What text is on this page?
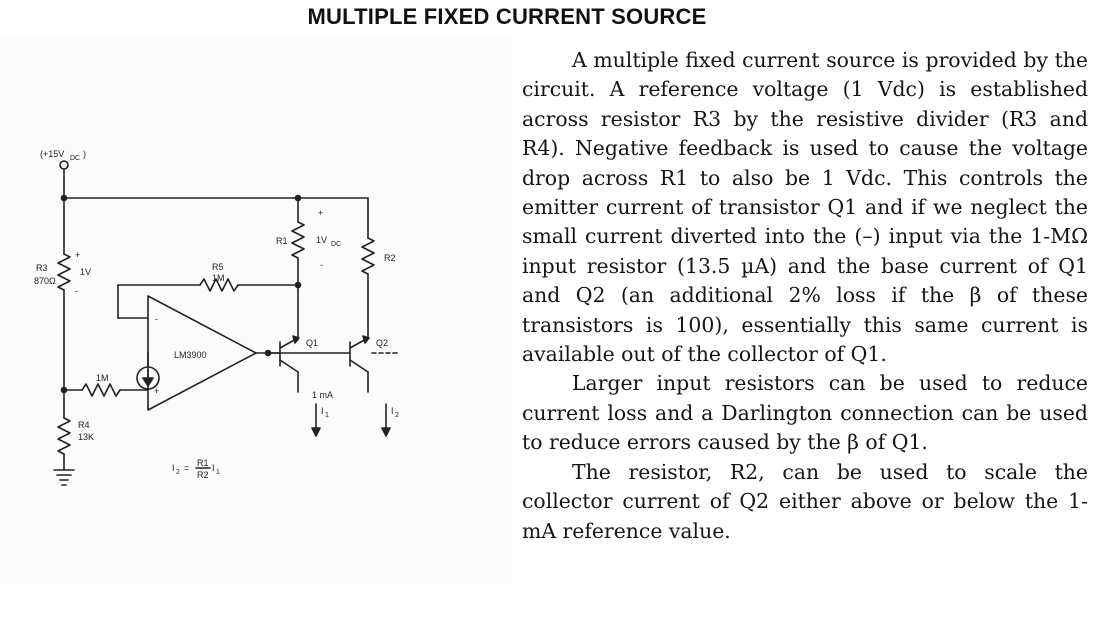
MULTIPLE FIXED CURRENT SOURCE
(+15V DC )
R3
870Ω
+
1V
-
R4
13K
R5
1M
R1
+
1V DC
-
R2
1M
LM3900
-
+
Q1	Q2
1 mA
I 1	I 2
I 2 = R1
R2
I 1

A multiple fixed current source is provided by the circuit. A reference voltage (1 Vdc) is established across resistor R3 by the resistive divider (R3 and R4). Negative feedback is used to cause the voltage drop across R1 to also be 1 Vdc. This controls the emitter current of transistor Q1 and if we neglect the small current diverted into the (–) input via the 1-MΩ input resistor (13.5 µA) and the base current of Q1 and Q2 (an additional 2% loss if the β of these transistors is 100), essentially this same current is available out of the collector of Q1.

Larger input resistors can be used to reduce current loss and a Darlington connection can be used to reduce errors caused by the β of Q1.

The resistor, R2, can be used to scale the collector current of Q2 either above or below the 1-mA reference value.
